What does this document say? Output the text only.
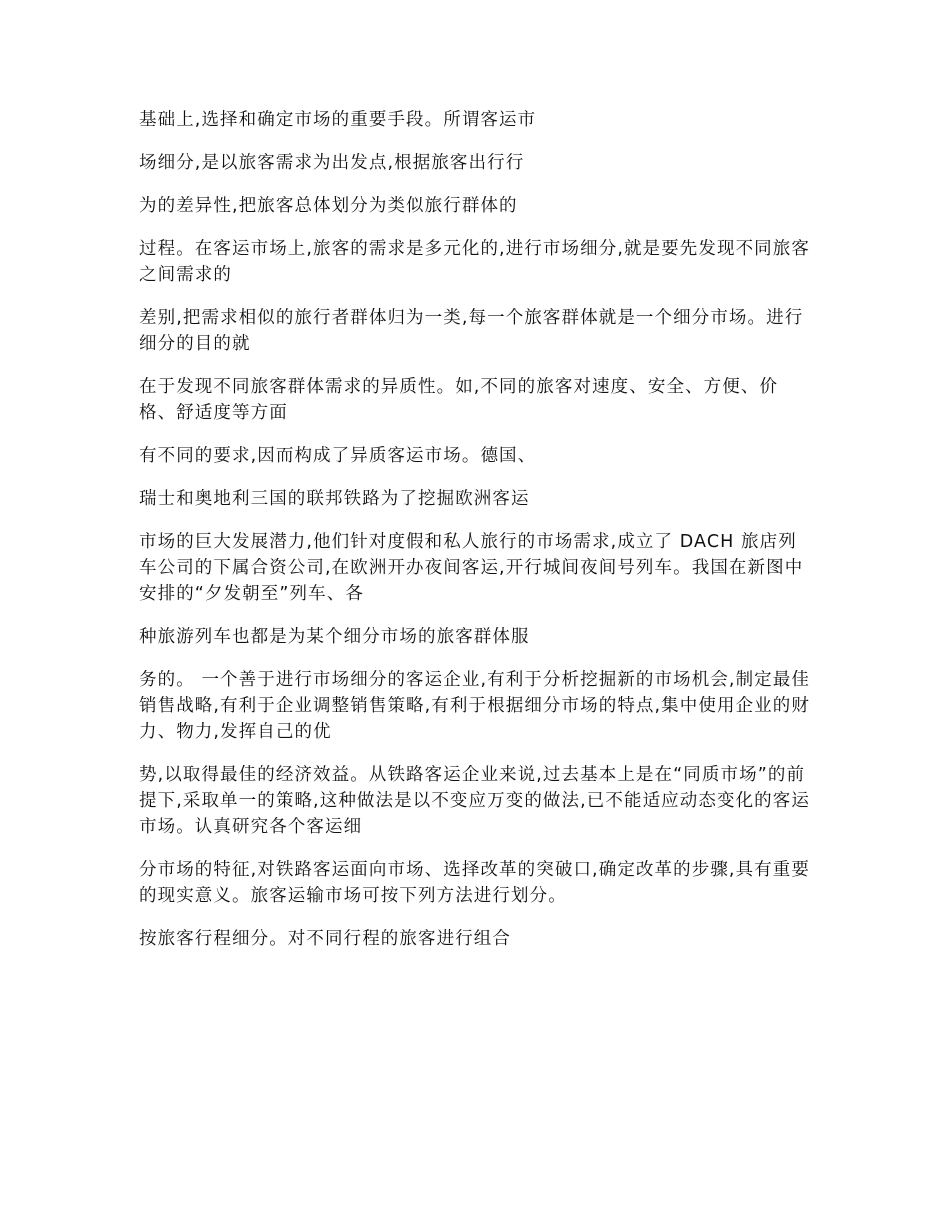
基础上,选择和确定市场的重要手段。所谓客运市

场细分,是以旅客需求为出发点,根据旅客出行行

为的差异性,把旅客总体划分为类似旅行群体的

过程。在客运市场上,旅客的需求是多元化的,进行市场细分,就是要先发现不同旅客之间需求的

差别,把需求相似的旅行者群体归为一类,每一个旅客群体就是一个细分市场。进行细分的目的就

在于发现不同旅客群体需求的异质性。如,不同的旅客对速度、安全、方便、价格、舒适度等方面

有不同的要求,因而构成了异质客运市场。德国、

瑞士和奥地利三国的联邦铁路为了挖掘欧洲客运

市场的巨大发展潜力,他们针对度假和私人旅行的市场需求,成立了 DACH 旅店列车公司的下属合资公司,在欧洲开办夜间客运,开行城间夜间号列车。我国在新图中安排的“夕发朝至”列车、各

种旅游列车也都是为某个细分市场的旅客群体服

务的。 一个善于进行市场细分的客运企业,有利于分析挖掘新的市场机会,制定最佳销售战略,有利于企业调整销售策略,有利于根据细分市场的特点,集中使用企业的财力、物力,发挥自己的优

势,以取得最佳的经济效益。从铁路客运企业来说,过去基本上是在“同质市场”的前提下,采取单一的策略,这种做法是以不变应万变的做法,已不能适应动态变化的客运市场。认真研究各个客运细

分市场的特征,对铁路客运面向市场、选择改革的突破口,确定改革的步骤,具有重要的现实意义。旅客运输市场可按下列方法进行划分。

按旅客行程细分。对不同行程的旅客进行组合
